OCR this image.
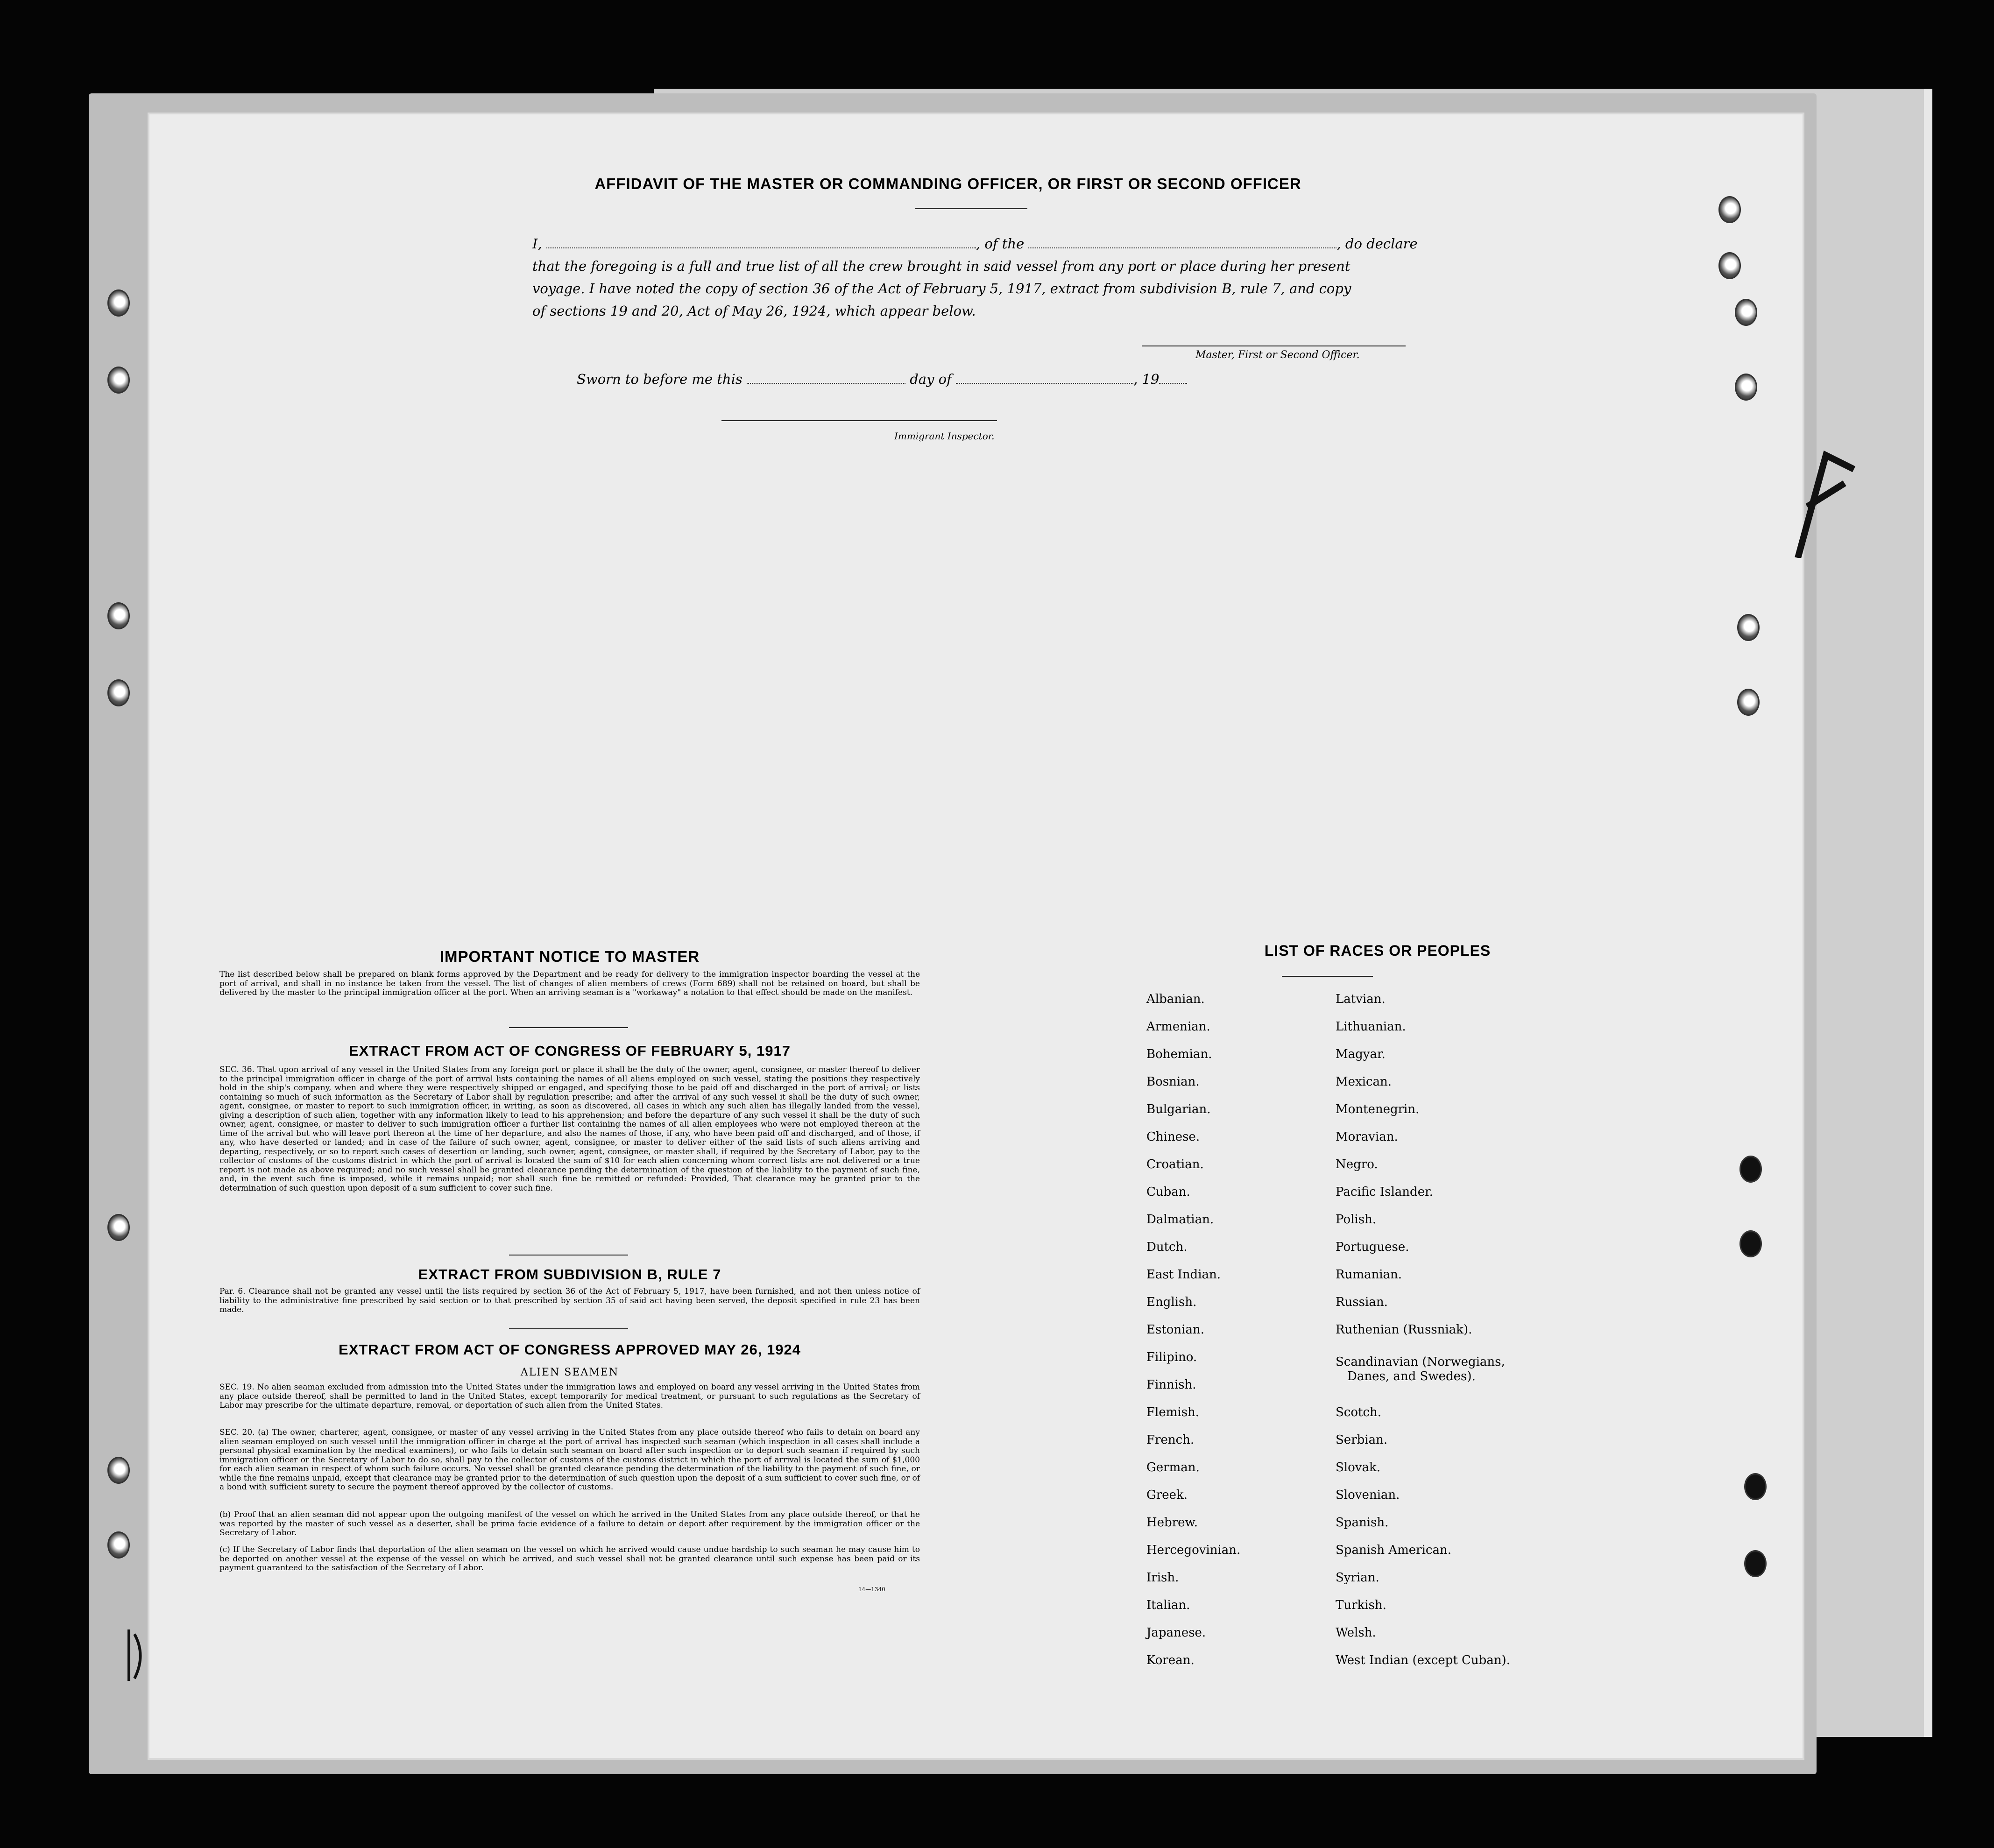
AFFIDAVIT OF THE MASTER OR COMMANDING OFFICER, OR FIRST OR SECOND OFFICER
I,	, of the	, do declare
that the foregoing is a full and true list of all the crew brought in said vessel from any port or place during her present
voyage. I have noted the copy of section 36 of the Act of February 5, 1917, extract from subdivision B, rule 7, and copy
of sections 19 and 20, Act of May 26, 1924, which appear below.
Master, First or Second Officer.
Sworn to before me this	day of	, 19
Immigrant Inspector.
IMPORTANT NOTICE TO MASTER
The list described below shall be prepared on blank forms approved by the Department and be ready for delivery to the immigration inspector boarding the vessel at the port of arrival, and shall in no instance be taken from the vessel. The list of changes of alien members of crews (Form 689) shall not be retained on board, but shall be delivered by the master to the principal immigration officer at the port. When an arriving seaman is a "workaway" a notation to that effect should be made on the manifest.
EXTRACT FROM ACT OF CONGRESS OF FEBRUARY 5, 1917
SEC. 36. That upon arrival of any vessel in the United States from any foreign port or place it shall be the duty of the owner, agent, consignee, or master thereof to deliver to the principal immigration officer in charge of the port of arrival lists containing the names of all aliens employed on such vessel, stating the positions they respectively hold in the ship's company, when and where they were respectively shipped or engaged, and specifying those to be paid off and discharged in the port of arrival; or lists containing so much of such information as the Secretary of Labor shall by regulation prescribe; and after the arrival of any such vessel it shall be the duty of such owner, agent, consignee, or master to report to such immigration officer, in writing, as soon as discovered, all cases in which any such alien has illegally landed from the vessel, giving a description of such alien, together with any information likely to lead to his apprehension; and before the departure of any such vessel it shall be the duty of such owner, agent, consignee, or master to deliver to such immigration officer a further list containing the names of all alien employees who were not employed thereon at the time of the arrival but who will leave port thereon at the time of her departure, and also the names of those, if any, who have been paid off and discharged, and of those, if any, who have deserted or landed; and in case of the failure of such owner, agent, consignee, or master to deliver either of the said lists of such aliens arriving and departing, respectively, or so to report such cases of desertion or landing, such owner, agent, consignee, or master shall, if required by the Secretary of Labor, pay to the collector of customs of the customs district in which the port of arrival is located the sum of $10 for each alien concerning whom correct lists are not delivered or a true report is not made as above required; and no such vessel shall be granted clearance pending the determination of the question of the liability to the payment of such fine, and, in the event such fine is imposed, while it remains unpaid; nor shall such fine be remitted or refunded: Provided, That clearance may be granted prior to the determination of such question upon deposit of a sum sufficient to cover such fine.
EXTRACT FROM SUBDIVISION B, RULE 7
Par. 6. Clearance shall not be granted any vessel until the lists required by section 36 of the Act of February 5, 1917, have been furnished, and not then unless notice of liability to the administrative fine prescribed by said section or to that prescribed by section 35 of said act having been served, the deposit specified in rule 23 has been made.
EXTRACT FROM ACT OF CONGRESS APPROVED MAY 26, 1924
ALIEN SEAMEN
SEC. 19. No alien seaman excluded from admission into the United States under the immigration laws and employed on board any vessel arriving in the United States from any place outside thereof, shall be permitted to land in the United States, except temporarily for medical treatment, or pursuant to such regulations as the Secretary of Labor may prescribe for the ultimate departure, removal, or deportation of such alien from the United States.
SEC. 20. (a) The owner, charterer, agent, consignee, or master of any vessel arriving in the United States from any place outside thereof who fails to detain on board any alien seaman employed on such vessel until the immigration officer in charge at the port of arrival has inspected such seaman (which inspection in all cases shall include a personal physical examination by the medical examiners), or who fails to detain such seaman on board after such inspection or to deport such seaman if required by such immigration officer or the Secretary of Labor to do so, shall pay to the collector of customs of the customs district in which the port of arrival is located the sum of $1,000 for each alien seaman in respect of whom such failure occurs. No vessel shall be granted clearance pending the determination of the liability to the payment of such fine, or while the fine remains unpaid, except that clearance may be granted prior to the determination of such question upon the deposit of a sum sufficient to cover such fine, or of a bond with sufficient surety to secure the payment thereof approved by the collector of customs.
(b) Proof that an alien seaman did not appear upon the outgoing manifest of the vessel on which he arrived in the United States from any place outside thereof, or that he was reported by the master of such vessel as a deserter, shall be prima facie evidence of a failure to detain or deport after requirement by the immigration officer or the Secretary of Labor.
(c) If the Secretary of Labor finds that deportation of the alien seaman on the vessel on which he arrived would cause undue hardship to such seaman he may cause him to be deported on another vessel at the expense of the vessel on which he arrived, and such vessel shall not be granted clearance until such expense has been paid or its payment guaranteed to the satisfaction of the Secretary of Labor.
14—1340
LIST OF RACES OR PEOPLES
Albanian.
Armenian.
Bohemian.
Bosnian.
Bulgarian.
Chinese.
Croatian.
Cuban.
Dalmatian.
Dutch.
East Indian.
English.
Estonian.
Filipino.
Finnish.
Flemish.
French.
German.
Greek.
Hebrew.
Hercegovinian.
Irish.
Italian.
Japanese.
Korean.
Latvian.
Lithuanian.
Magyar.
Mexican.
Montenegrin.
Moravian.
Negro.
Pacific Islander.
Polish.
Portuguese.
Rumanian.
Russian.
Ruthenian (Russniak).
Scandinavian (Norwegians,
Danes, and Swedes).
Scotch.
Serbian.
Slovak.
Slovenian.
Spanish.
Spanish American.
Syrian.
Turkish.
Welsh.
West Indian (except Cuban).
